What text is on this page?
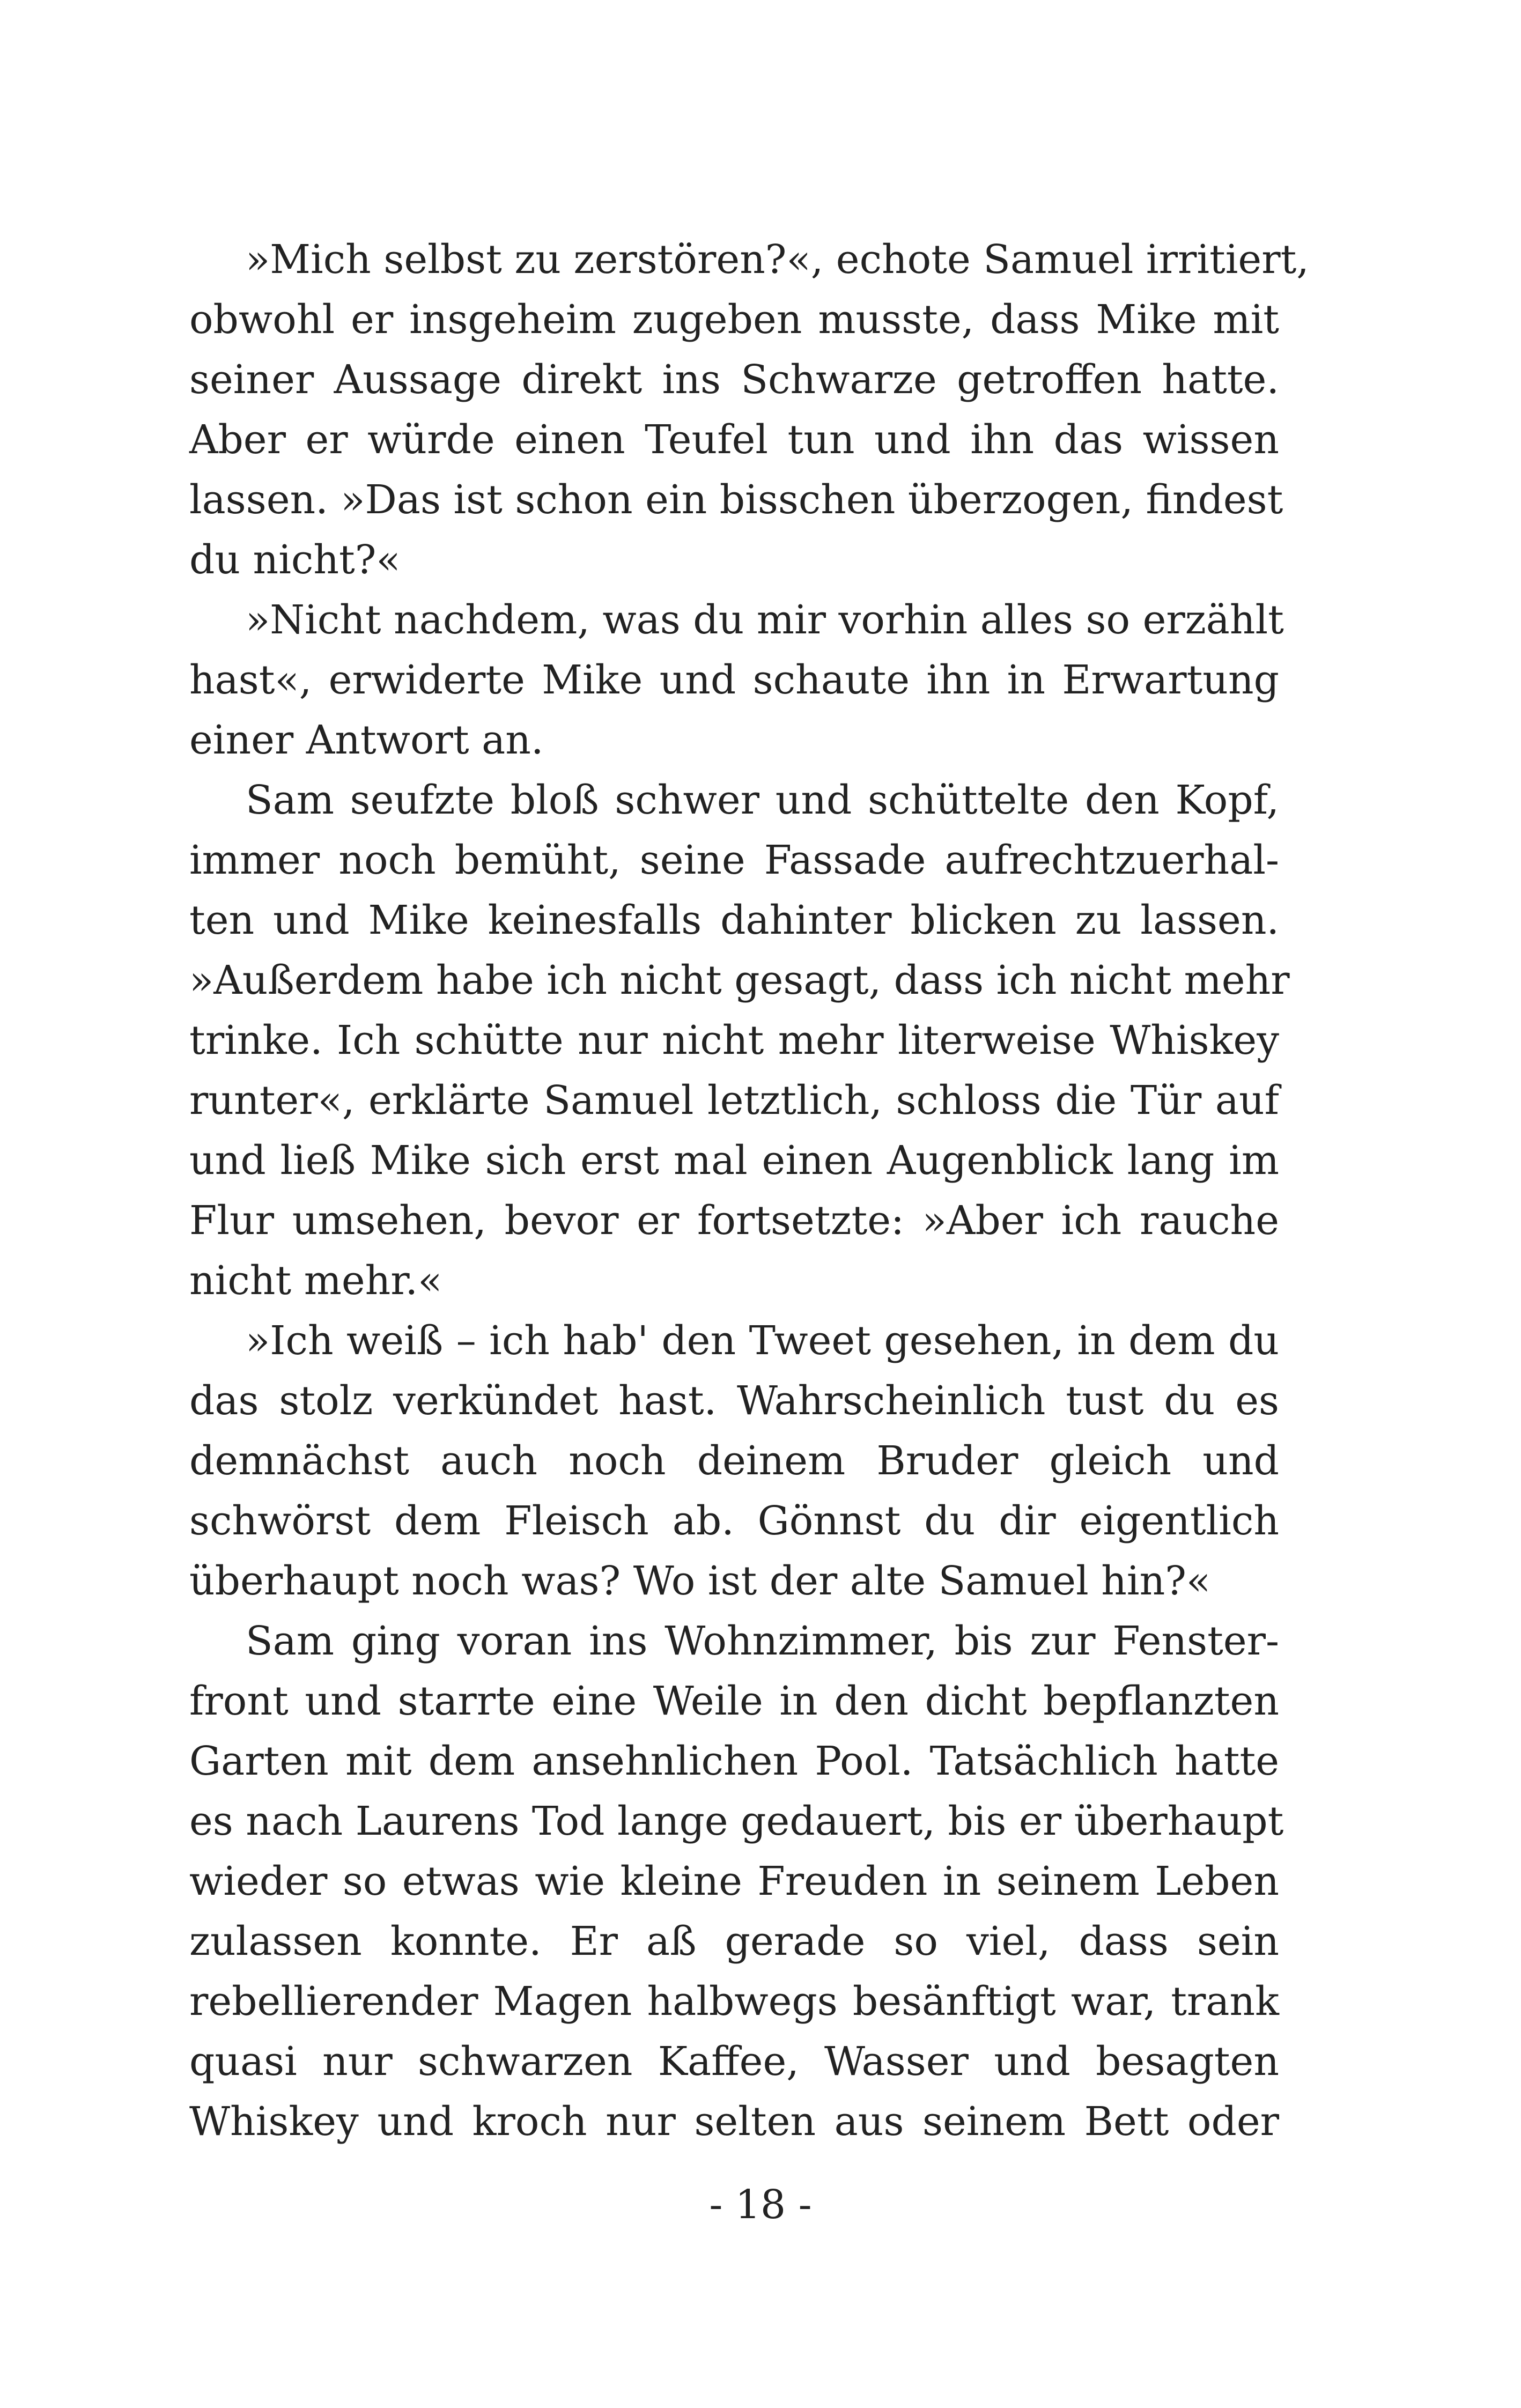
»Mich selbst zu zerstören?«, echote Samuel irritiert,
obwohl er insgeheim zugeben musste, dass Mike mit
seiner Aussage direkt ins Schwarze getroffen hatte.
Aber er würde einen Teufel tun und ihn das wissen
lassen. »Das ist schon ein bisschen überzogen, findest
du nicht?«
»Nicht nachdem, was du mir vorhin alles so erzählt
hast«, erwiderte Mike und schaute ihn in Erwartung
einer Antwort an.
Sam seufzte bloß schwer und schüttelte den Kopf,
immer noch bemüht, seine Fassade aufrechtzuerhal-
ten und Mike keinesfalls dahinter blicken zu lassen.
»Außerdem habe ich nicht gesagt, dass ich nicht mehr
trinke. Ich schütte nur nicht mehr literweise Whiskey
runter«, erklärte Samuel letztlich, schloss die Tür auf
und ließ Mike sich erst mal einen Augenblick lang im
Flur umsehen, bevor er fortsetzte: »Aber ich rauche
nicht mehr.«
»Ich weiß – ich hab' den Tweet gesehen, in dem du
das stolz verkündet hast. Wahrscheinlich tust du es
demnächst auch noch deinem Bruder gleich und
schwörst dem Fleisch ab. Gönnst du dir eigentlich
überhaupt noch was? Wo ist der alte Samuel hin?«
Sam ging voran ins Wohnzimmer, bis zur Fenster-
front und starrte eine Weile in den dicht bepflanzten
Garten mit dem ansehnlichen Pool. Tatsächlich hatte
es nach Laurens Tod lange gedauert, bis er überhaupt
wieder so etwas wie kleine Freuden in seinem Leben
zulassen konnte. Er aß gerade so viel, dass sein
rebellierender Magen halbwegs besänftigt war, trank
quasi nur schwarzen Kaffee, Wasser und besagten
Whiskey und kroch nur selten aus seinem Bett oder
- 18 -
